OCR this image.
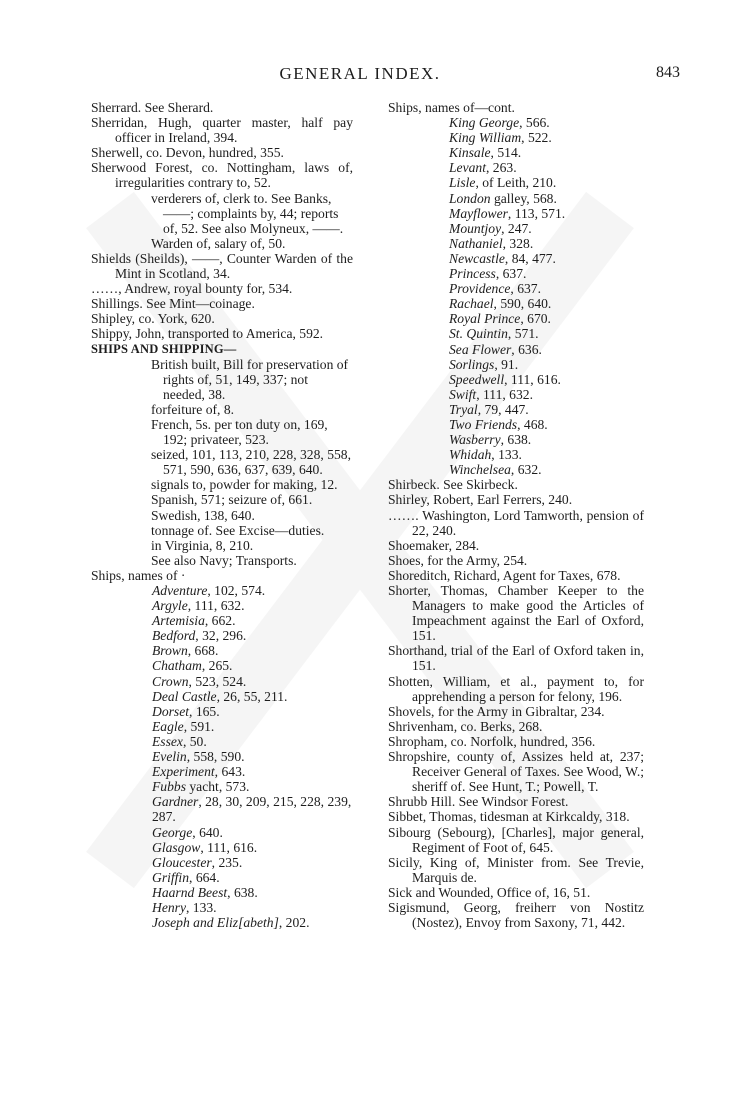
GENERAL INDEX.	843
Sherrard. See Sherard.
Sherridan, Hugh, quarter master, half pay officer in Ireland, 394.
Sherwell, co. Devon, hundred, 355.
Sherwood Forest, co. Nottingham, laws of, irregularities contrary to, 52.
verderers of, clerk to. See Banks, ——; complaints by, 44; reports of, 52. See also Molyneux, ——.
Warden of, salary of, 50.
Shields (Sheilds), ——, Counter Warden of the Mint in Scotland, 34.
……, Andrew, royal bounty for, 534.
Shillings. See Mint—coinage.
Shipley, co. York, 620.
Shippy, John, transported to America, 592.
SHIPS AND SHIPPING—
British built, Bill for preservation of rights of, 51, 149, 337; not needed, 38.
forfeiture of, 8.
French, 5s. per ton duty on, 169, 192; privateer, 523.
seized, 101, 113, 210, 228, 328, 558, 571, 590, 636, 637, 639, 640.
signals to, powder for making, 12.
Spanish, 571; seizure of, 661.
Swedish, 138, 640.
tonnage of. See Excise—duties.
in Virginia, 8, 210.
See also Navy; Transports.
Ships, names of ·
Adventure, 102, 574.
Argyle, 111, 632.
Artemisia, 662.
Bedford, 32, 296.
Brown, 668.
Chatham, 265.
Crown, 523, 524.
Deal Castle, 26, 55, 211.
Dorset, 165.
Eagle, 591.
Essex, 50.
Evelin, 558, 590.
Experiment, 643.
Fubbs yacht, 573.
Gardner, 28, 30, 209, 215, 228, 239, 287.
George, 640.
Glasgow, 111, 616.
Gloucester, 235.
Griffin, 664.
Haarnd Beest, 638.
Henry, 133.
Joseph and Eliz[abeth], 202.
Ships, names of—cont.
King George, 566.
King William, 522.
Kinsale, 514.
Levant, 263.
Lisle, of Leith, 210.
London galley, 568.
Mayflower, 113, 571.
Mountjoy, 247.
Nathaniel, 328.
Newcastle, 84, 477.
Princess, 637.
Providence, 637.
Rachael, 590, 640.
Royal Prince, 670.
St. Quintin, 571.
Sea Flower, 636.
Sorlings, 91.
Speedwell, 111, 616.
Swift, 111, 632.
Tryal, 79, 447.
Two Friends, 468.
Wasberry, 638.
Whidah, 133.
Winchelsea, 632.
Shirbeck. See Skirbeck.
Shirley, Robert, Earl Ferrers, 240.
……. Washington, Lord Tamworth, pension of 22, 240.
Shoemaker, 284.
Shoes, for the Army, 254.
Shoreditch, Richard, Agent for Taxes, 678.
Shorter, Thomas, Chamber Keeper to the Managers to make good the Articles of Impeachment against the Earl of Oxford, 151.
Shorthand, trial of the Earl of Oxford taken in, 151.
Shotten, William, et al., payment to, for apprehending a person for felony, 196.
Shovels, for the Army in Gibraltar, 234.
Shrivenham, co. Berks, 268.
Shropham, co. Norfolk, hundred, 356.
Shropshire, county of, Assizes held at, 237; Receiver General of Taxes. See Wood, W.; sheriff of. See Hunt, T.; Powell, T.
Shrubb Hill. See Windsor Forest.
Sibbet, Thomas, tidesman at Kirkcaldy, 318.
Sibourg (Sebourg), [Charles], major general, Regiment of Foot of, 645.
Sicily, King of, Minister from. See Trevie, Marquis de.
Sick and Wounded, Office of, 16, 51.
Sigismund, Georg, freiherr von Nostitz (Nostez), Envoy from Saxony, 71, 442.
